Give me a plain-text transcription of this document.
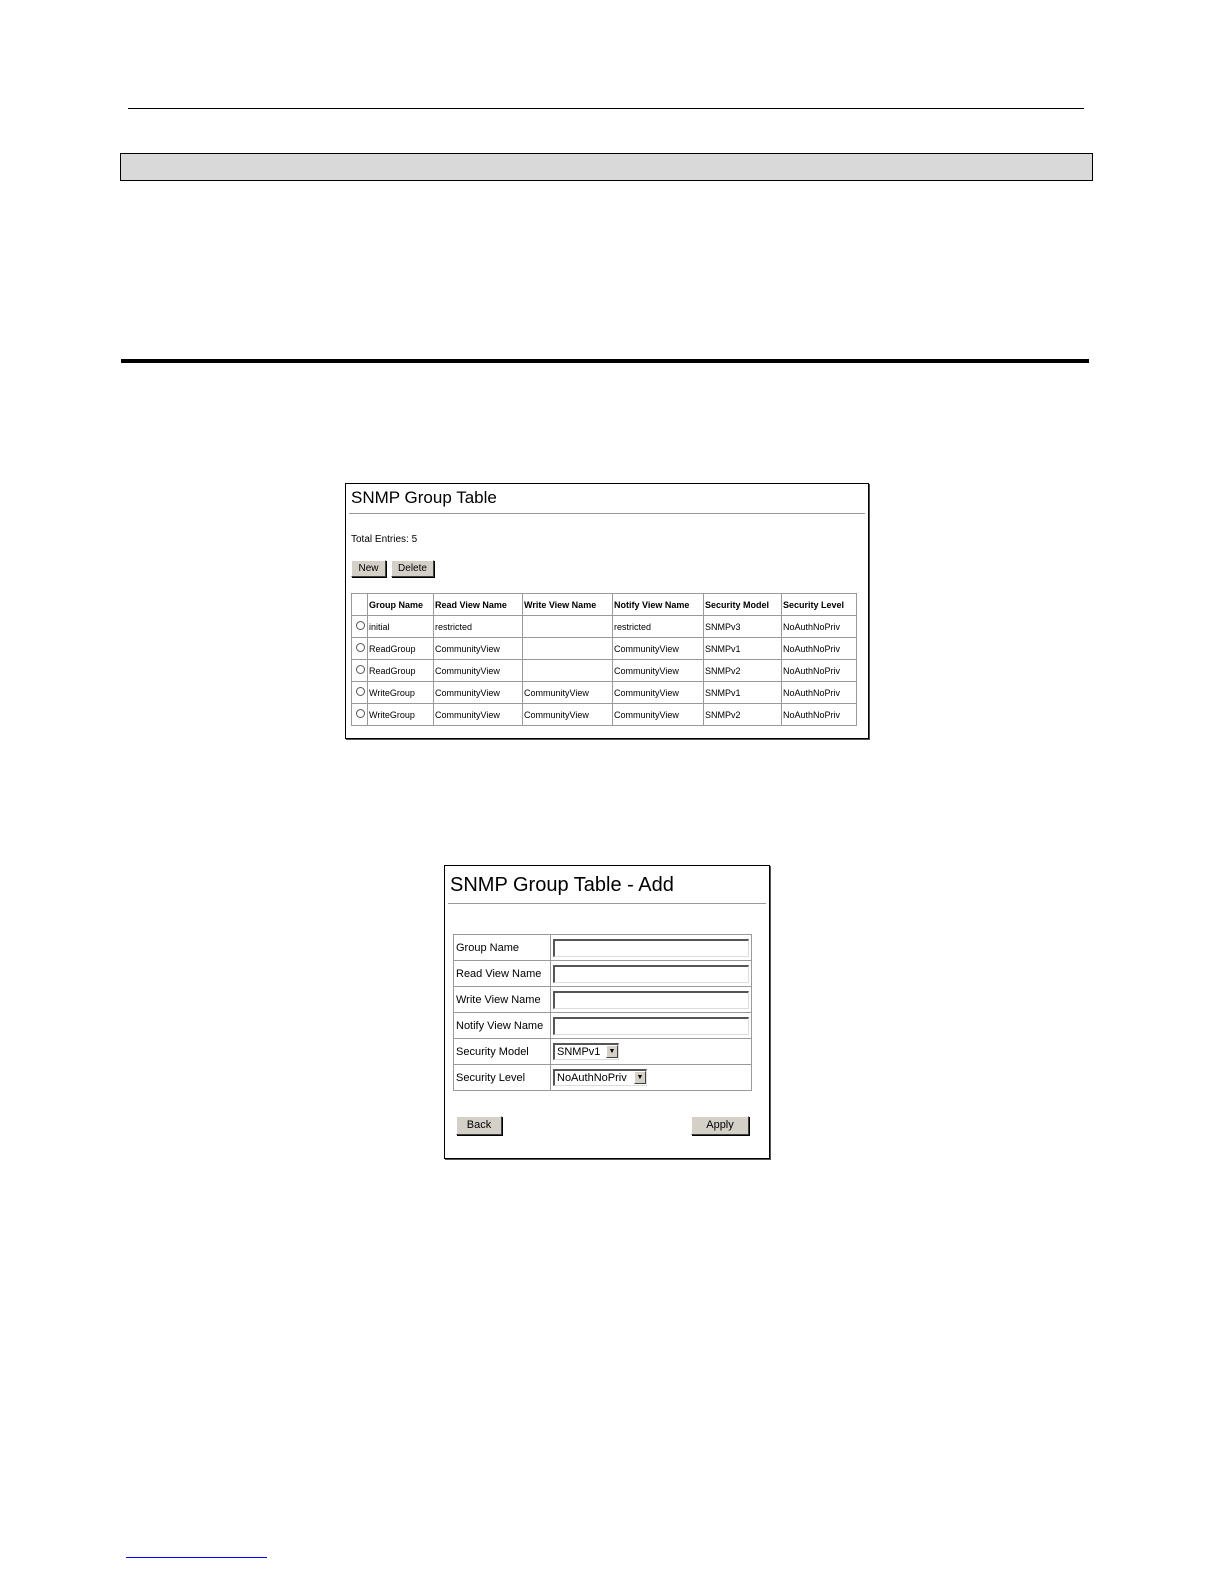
SNMP Group Table
Total Entries: 5
New	Delete
	Group Name	Read View Name	Write View Name	Notify View Name	Security Model	Security Level
	initial	restricted		restricted	SNMPv3	NoAuthNoPriv
	ReadGroup	CommunityView		CommunityView	SNMPv1	NoAuthNoPriv
	ReadGroup	CommunityView		CommunityView	SNMPv2	NoAuthNoPriv
	WriteGroup	CommunityView	CommunityView	CommunityView	SNMPv1	NoAuthNoPriv
	WriteGroup	CommunityView	CommunityView	CommunityView	SNMPv2	NoAuthNoPriv
SNMP Group Table - Add
Group Name	

Read View Name	

Write View Name	

Notify View Name	

Security Model	SNMPv1 ▼

Security Level	NoAuthNoPriv ▼
Back	Apply
